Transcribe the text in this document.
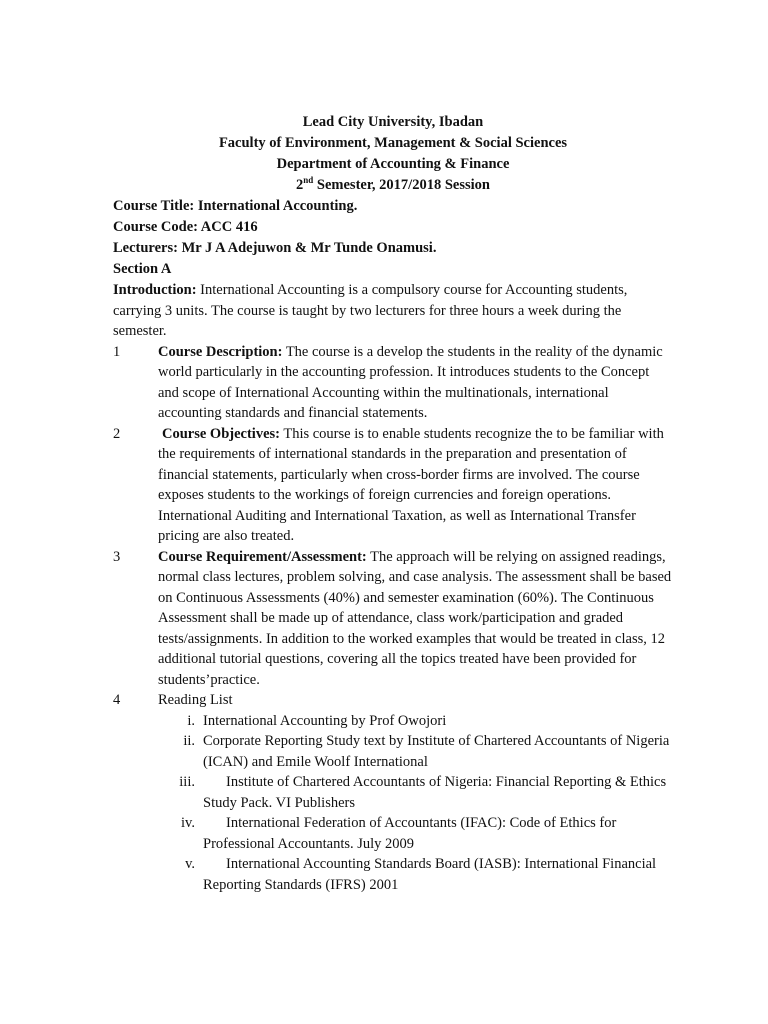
Lead City University, Ibadan
Faculty of Environment, Management & Social Sciences
Department of Accounting & Finance
2nd Semester, 2017/2018 Session
Course Title: International Accounting.
Course Code: ACC 416
Lecturers: Mr J A Adejuwon & Mr Tunde Onamusi.
Section A

Introduction: International Accounting is a compulsory course for Accounting students, carrying 3 units. The course is taught by two lecturers for three hours a week during the semester.

1	Course Description: The course is a develop the students in the reality of the dynamic world particularly in the accounting profession. It introduces students to the Concept and scope of International Accounting within the multinationals, international accounting standards and financial statements.
2	Course Objectives: This course is to enable students recognize the to be familiar with the requirements of international standards in the preparation and presentation of financial statements, particularly when cross-border firms are involved. The course exposes students to the workings of foreign currencies and foreign operations. International Auditing and International Taxation, as well as International Transfer pricing are also treated.
3	Course Requirement/Assessment: The approach will be relying on assigned readings, normal class lectures, problem solving, and case analysis. The assessment shall be based on Continuous Assessments (40%) and semester examination (60%). The Continuous Assessment shall be made up of attendance, class work/participation and graded tests/assignments. In addition to the worked examples that would be treated in class, 12 additional tutorial questions, covering all the topics treated have been provided for students’practice.
4	Reading List
i. International Accounting by Prof Owojori
ii. Corporate Reporting Study text by Institute of Chartered Accountants of Nigeria (ICAN) and Emile Woolf International
iii.	Institute of Chartered Accountants of Nigeria: Financial Reporting & Ethics Study Pack. VI Publishers
iv.	International Federation of Accountants (IFAC): Code of Ethics for Professional Accountants. July 2009
v.	International Accounting Standards Board (IASB): International Financial Reporting Standards (IFRS) 2001
